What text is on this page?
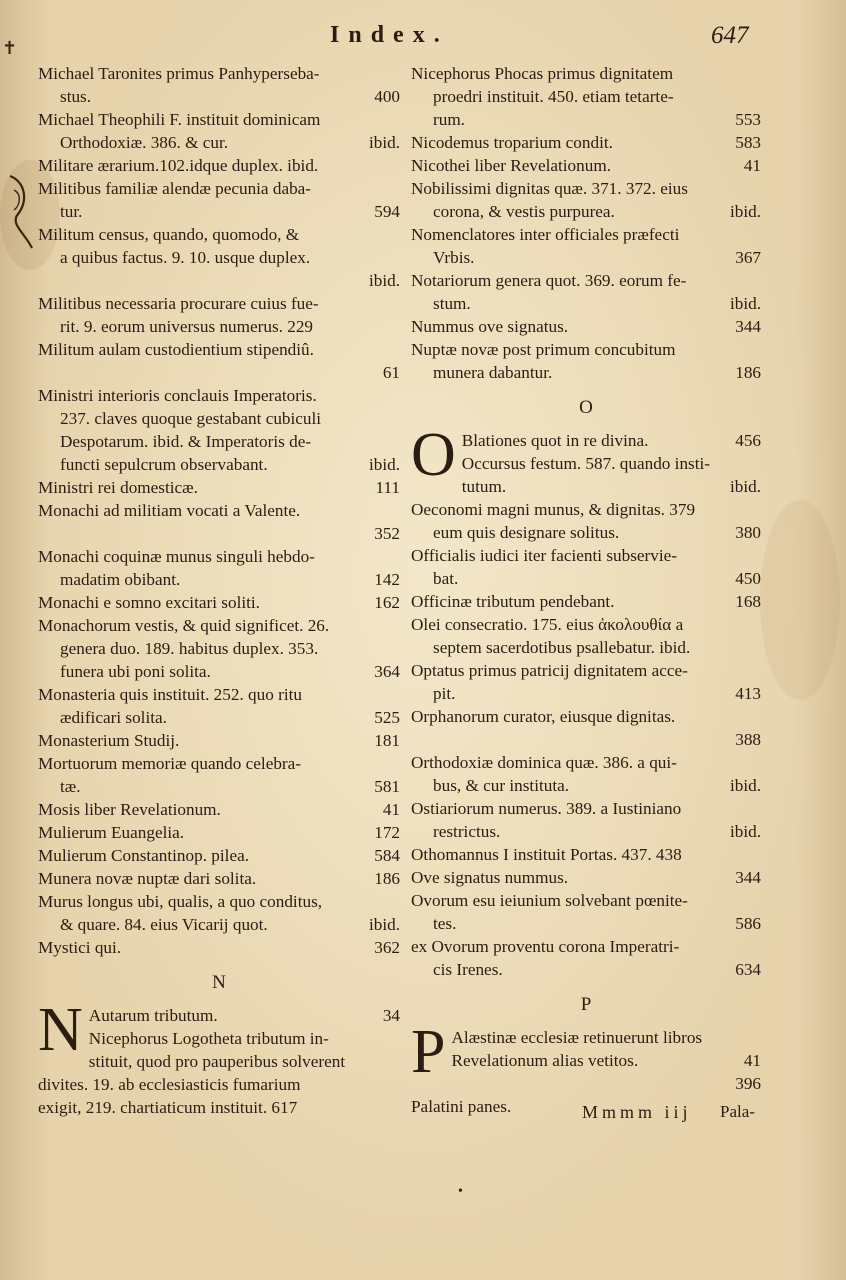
✝	Index.	647
Michael Taronites primus Panhyperseba-
stus.	400
Michael Theophili F. instituit dominicam
Orthodoxiæ. 386. & cur.	ibid.
Militare ærarium.102.idque duplex. ibid.
Militibus familiæ alendæ pecunia daba-
tur.	594
Militum census, quando, quomodo, &
a quibus factus. 9. 10. usque duplex.
ibid.
Militibus necessaria procurare cuius fue-
rit. 9. eorum universus numerus. 229
Militum aulam custodientium stipendiû.
61
Ministri interioris conclauis Imperatoris.
237. claves quoque gestabant cubiculi
Despotarum. ibid. & Imperatoris de-
functi sepulcrum observabant.	ibid.
Ministri rei domesticæ.	111
Monachi ad militiam vocati a Valente.
352
Monachi coquinæ munus singuli hebdo-
madatim obibant.	142
Monachi e somno excitari soliti.	162
Monachorum vestis, & quid significet. 26.
genera duo. 189. habitus duplex. 353.
funera ubi poni solita.	364
Monasteria quis instituit. 252. quo ritu
ædificari solita.	525
Monasterium Studij.	181
Mortuorum memoriæ quando celebra-
tæ.	581
Mosis liber Revelationum.	41
Mulierum Euangelia.	172
Mulierum Constantinop. pilea.	584
Munera novæ nuptæ dari solita.	186
Murus longus ubi, qualis, a quo conditus,
& quare. 84. eius Vicarij quot.	ibid.
Mystici qui.	362
N
N Autarum tributum.	34
Nicephorus Logotheta tributum in-
stituit, quod pro pauperibus solverent
divites. 19. ab ecclesiasticis fumarium
exigit, 219. chartiaticum instituit. 617
Nicephorus Phocas primus dignitatem
proedri instituit. 450. etiam tetarte-
rum.	553
Nicodemus troparium condit.	583
Nicothei liber Revelationum.	41
Nobilissimi dignitas quæ. 371. 372. eius
corona, & vestis purpurea.	ibid.
Nomenclatores inter officiales præfecti
Vrbis.	367
Notariorum genera quot. 369. eorum fe-
stum.	ibid.
Nummus ove signatus.	344
Nuptæ novæ post primum concubitum
munera dabantur.	186
O
O Blationes quot in re divina.	456
Occursus festum. 587. quando insti-
tutum.	ibid.
Oeconomi magni munus, & dignitas. 379
eum quis designare solitus.	380
Officialis iudici iter facienti subservie-
bat.	450
Officinæ tributum pendebant.	168
Olei consecratio. 175. eius ἀκολουθία a
septem sacerdotibus psallebatur. ibid.
Optatus primus patricij dignitatem acce-
pit.	413
Orphanorum curator, eiusque dignitas.
388
Orthodoxiæ dominica quæ. 386. a qui-
bus, & cur instituta.	ibid.
Ostiariorum numerus. 389. a Iustiniano
restrictus.	ibid.
Othomannus I instituit Portas. 437. 438
Ove signatus nummus.	344
Ovorum esu ieiunium solvebant pœnite-
tes.	586
ex Ovorum proventu corona Imperatri-
cis Irenes.	634
P
P Alæstinæ ecclesiæ retinuerunt libros
Revelationum alias vetitos.	41
396
Palatini panes.	Mmmm iij Pala-
•
